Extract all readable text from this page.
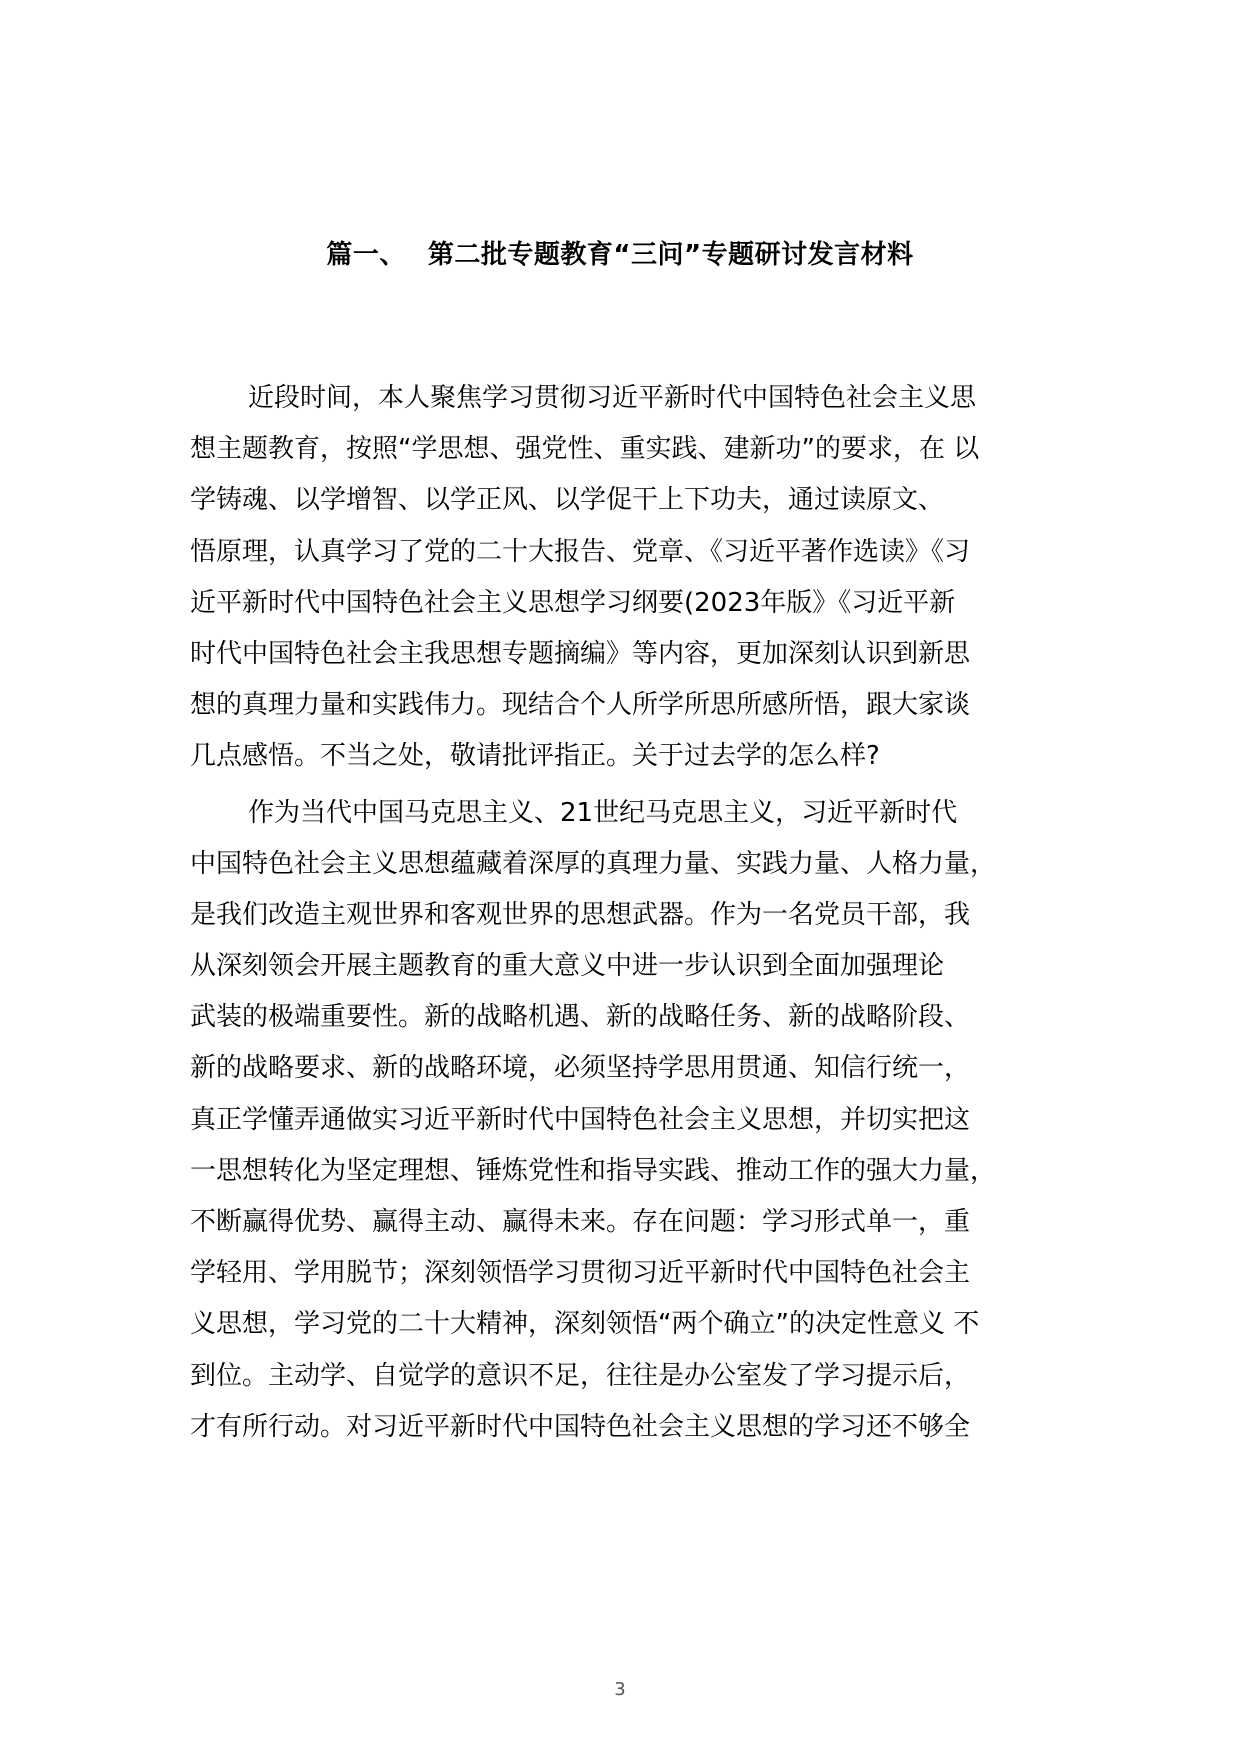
篇一、 第二批专题教育“三问”专题研讨发言材料
近段时间，本人聚焦学习贯彻习近平新时代中国特色社会主义思
想主题教育，按照“学思想、强党性、重实践、建新功”的要求，在 以
学铸魂、以学增智、以学正风、以学促干上下功夫，通过读原文、
悟原理，认真学习了党的二十大报告、党章、《习近平著作选读》《习
近平新时代中国特色社会主义思想学习纲要(2023年版》《习近平新
时代中国特色社会主我思想专题摘编》等内容，更加深刻认识到新思
想的真理力量和实践伟力。现结合个人所学所思所感所悟，跟大家谈
几点感悟。不当之处，敬请批评指正。关于过去学的怎么样?
作为当代中国马克思主义、21世纪马克思主义，习近平新时代
中国特色社会主义思想蕴藏着深厚的真理力量、实践力量、人格力量，
是我们改造主观世界和客观世界的思想武器。作为一名党员干部，我
从深刻领会开展主题教育的重大意义中进一步认识到全面加强理论
武装的极端重要性。新的战略机遇、新的战略任务、新的战略阶段、
新的战略要求、新的战略环境，必须坚持学思用贯通、知信行统一，
真正学懂弄通做实习近平新时代中国特色社会主义思想，并切实把这
一思想转化为坚定理想、锤炼党性和指导实践、推动工作的强大力量，
不断赢得优势、赢得主动、赢得未来。存在问题：学习形式单一，重
学轻用、学用脱节；深刻领悟学习贯彻习近平新时代中国特色社会主
义思想，学习党的二十大精神，深刻领悟“两个确立”的决定性意义 不
到位。主动学、自觉学的意识不足，往往是办公室发了学习提示后，
才有所行动。对习近平新时代中国特色社会主义思想的学习还不够全
3
